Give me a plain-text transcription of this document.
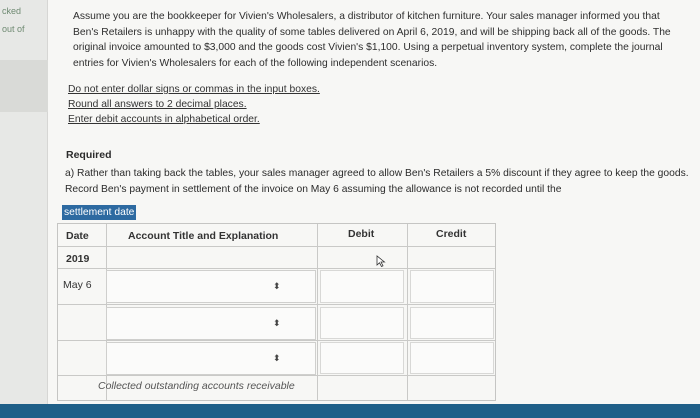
cked
out of
Assume you are the bookkeeper for Vivien's Wholesalers, a distributor of kitchen furniture. Your sales manager informed you that Ben's Retailers is unhappy with the quality of some tables delivered on April 6, 2019, and will be shipping back all of the goods. The original invoice amounted to $3,000 and the goods cost Vivien's $1,100. Using a perpetual inventory system, complete the journal entries for Vivien's Wholesalers for each of the following independent scenarios.
Do not enter dollar signs or commas in the input boxes.
Round all answers to 2 decimal places.
Enter debit accounts in alphabetical order.
Required
a) Rather than taking back the tables, your sales manager agreed to allow Ben's Retailers a 5% discount if they agree to keep the goods. Record Ben's payment in settlement of the invoice on May 6 assuming the allowance is not recorded until the
settlement date
Date	Account Title and Explanation	Debit	Credit
2019
May 6	⬍
⬍
⬍
Collected outstanding accounts receivable
